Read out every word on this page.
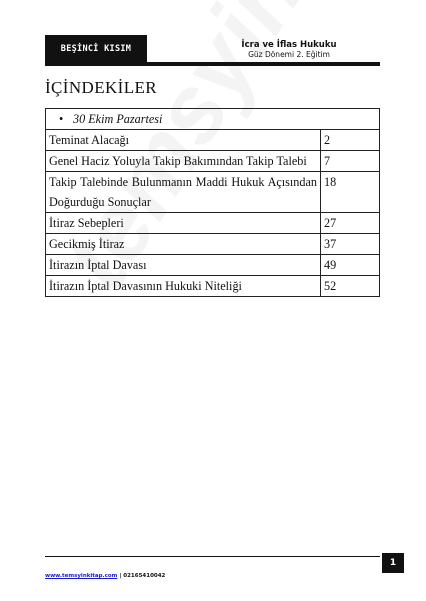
BEŞİNCİ KISIM	İcra ve İflas Hukuku
Güz Dönemi 2. Eğitim
İÇİNDEKİLER
• 30 Ekim Pazartesi	
Teminat Alacağı	2
Genel Haciz Yoluyla Takip Bakımından Takip Talebi	7
Takip Talebinde Bulunmanın Maddi Hukuk Açısından Doğurduğu Sonuçlar	18
İtiraz Sebepleri	27
Gecikmiş İtiraz	37
İtirazın İptal Davası	49
İtirazın İptal Davasının Hukuki Niteliği	52
1
www.temsyinkitap.com | 02165410042
